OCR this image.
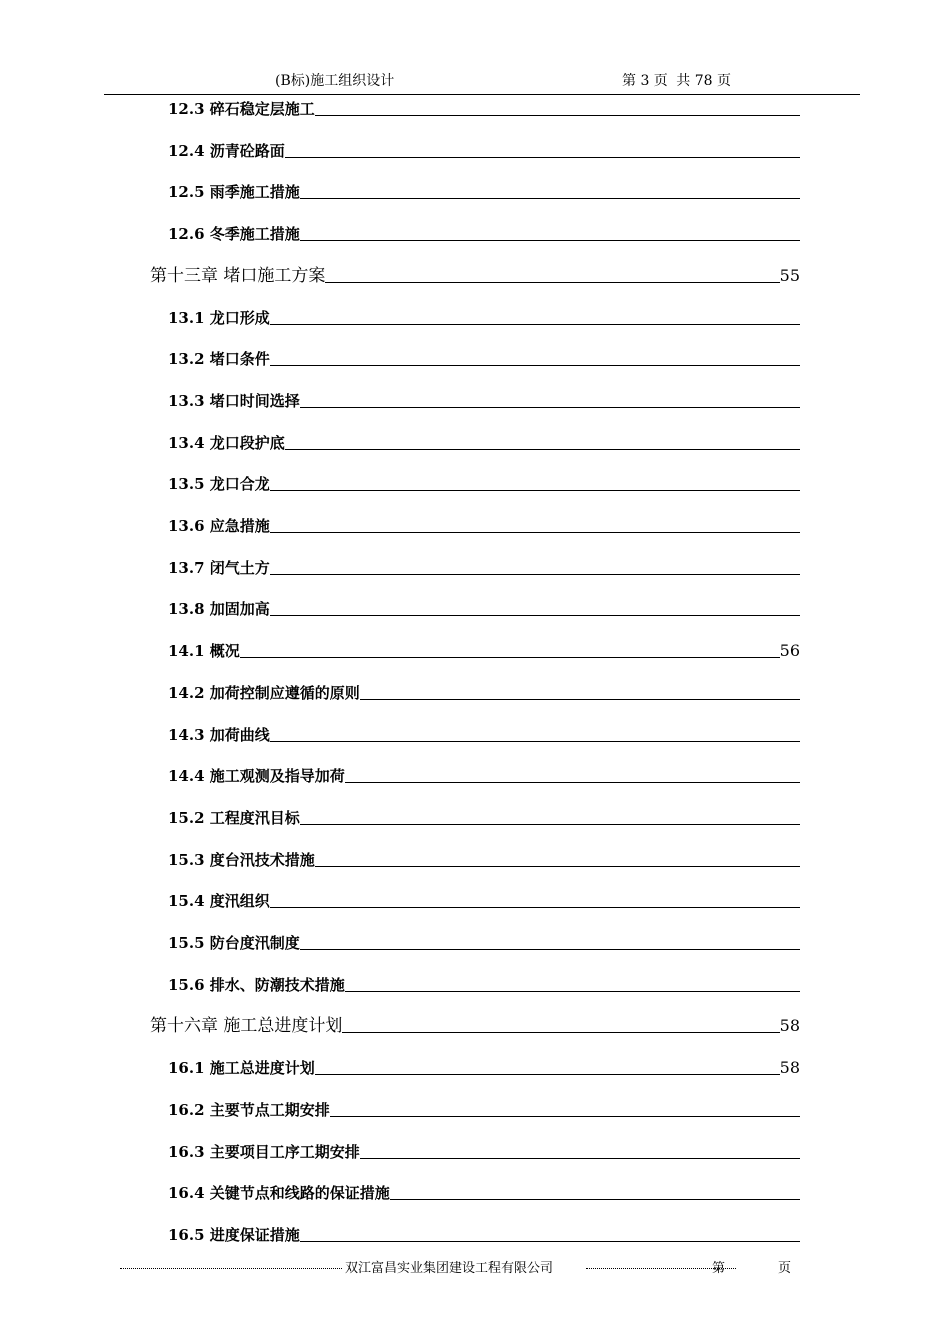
(B标)施工组织设计	第 3 页 共 78 页
12.3 碎石稳定层施工
12.4 沥青砼路面
12.5 雨季施工措施
12.6 冬季施工措施
第十三章 堵口施工方案	55
13.1 龙口形成
13.2 堵口条件
13.3 堵口时间选择
13.4 龙口段护底
13.5 龙口合龙
13.6 应急措施
13.7 闭气土方
13.8 加固加高
14.1 概况	56
14.2 加荷控制应遵循的原则
14.3 加荷曲线
14.4 施工观测及指导加荷
15.2 工程度汛目标
15.3 度台汛技术措施
15.4 度汛组织
15.5 防台度汛制度
15.6 排水、防潮技术措施
第十六章 施工总进度计划	58
16.1 施工总进度计划	58
16.2 主要节点工期安排
16.3 主要项目工序工期安排
16.4 关键节点和线路的保证措施
16.5 进度保证措施
双江富昌实业集团建设工程有限公司	第	页
